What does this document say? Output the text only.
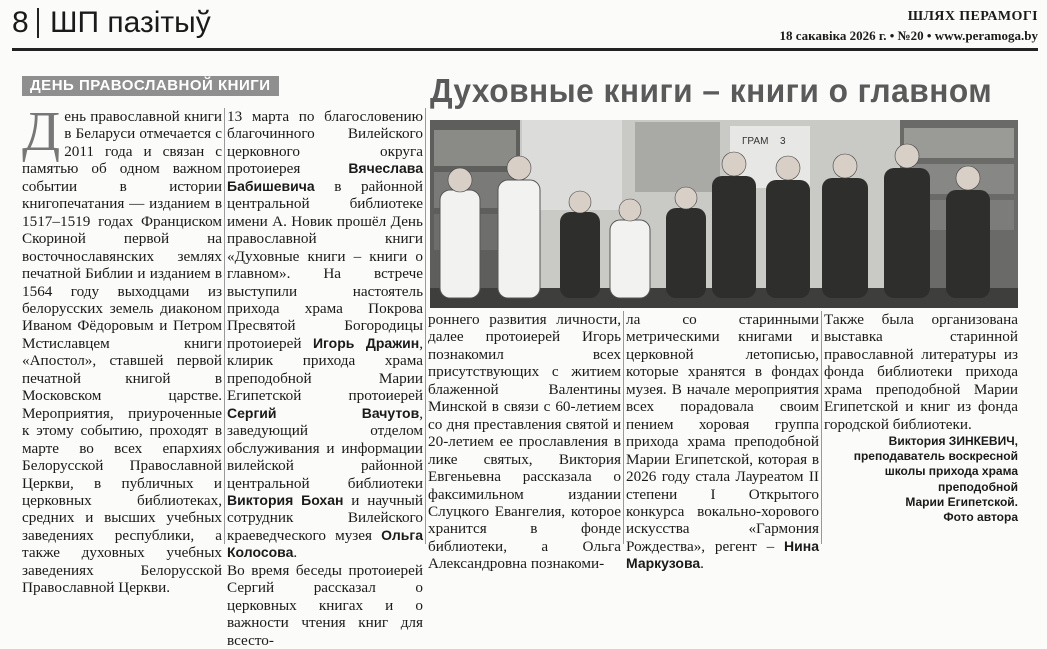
8 ШП пазітыў	ШЛЯХ ПЕРАМОГІ
18 сакавіка 2026 г. • №20 • www.peramoga.by
ДЕНЬ ПРАВОСЛАВНОЙ КНИГИ	Духовные книги – книги о главном

День православной книги в Беларуси отмечается с 2011 года и связан с памятью об одном важном событии в истории книгопечатания — изданием в 1517–1519 годах Франциском Скориной первой на восточнославянских землях печатной Библии и изданием в 1564 году выходцами из белорусских земель диаконом Иваном Фёдоровым и Петром Мстиславцем книги «Апостол», ставшей первой печатной книгой в Московском царстве. Мероприятия, приуроченные к этому событию, проходят в марте во всех епархиях Белорусской Православной Церкви, в публичных и церковных библиотеках, средних и высших учебных заведениях республики, а также духовных учебных заведениях Белорусской Православной Церкви.

13 марта по благословению благочинного Вилейского церковного округа протоиерея Вячеслава Бабишевича в районной центральной библиотеке имени А. Новик прошёл День православной книги «Духовные книги – книги о главном». На встрече выступили настоятель прихода храма Покрова Пресвятой Богородицы протоиерей Игорь Дражин, клирик прихода храма преподобной Марии Египетской протоиерей Сергий Вачутов, заведующий отделом обслуживания и информации вилейской районной центральной библиотеки Виктория Бохан и научный сотрудник Вилейского краеведческого музея Ольга Колосова.

Во время беседы протоиерей Сергий рассказал о церковных книгах и о важности чтения книг для всесто-

ГРАМ 3
роннего развития личности, далее протоиерей Игорь познакомил всех присутствующих с житием блаженной Валентины Минской в связи с 60-летием со дня преставления святой и 20-летием ее прославления в лике святых, Виктория Евгеньевна рассказала о факсимильном издании Слуцкого Евангелия, которое хранится в фонде библиотеки, а Ольга Александровна познакоми-
ла со старинными метрическими книгами и церковной летописью, которые хранятся в фондах музея. В начале мероприятия всех порадовала своим пением хоровая группа прихода храма преподобной Марии Египетской, которая в 2026 году стала Лауреатом II степени I Открытого конкурса вокально-хорового искусства «Гармония Рождества», регент – Нина Маркузова.

Также была организована выставка старинной православной литературы из фонда библиотеки прихода храма преподобной Марии Египетской и книг из фонда городской библиотеки.

Виктория ЗИНКЕВИЧ,
преподаватель воскресной
школы прихода храма
преподобной
Марии Египетской.
Фото автора
